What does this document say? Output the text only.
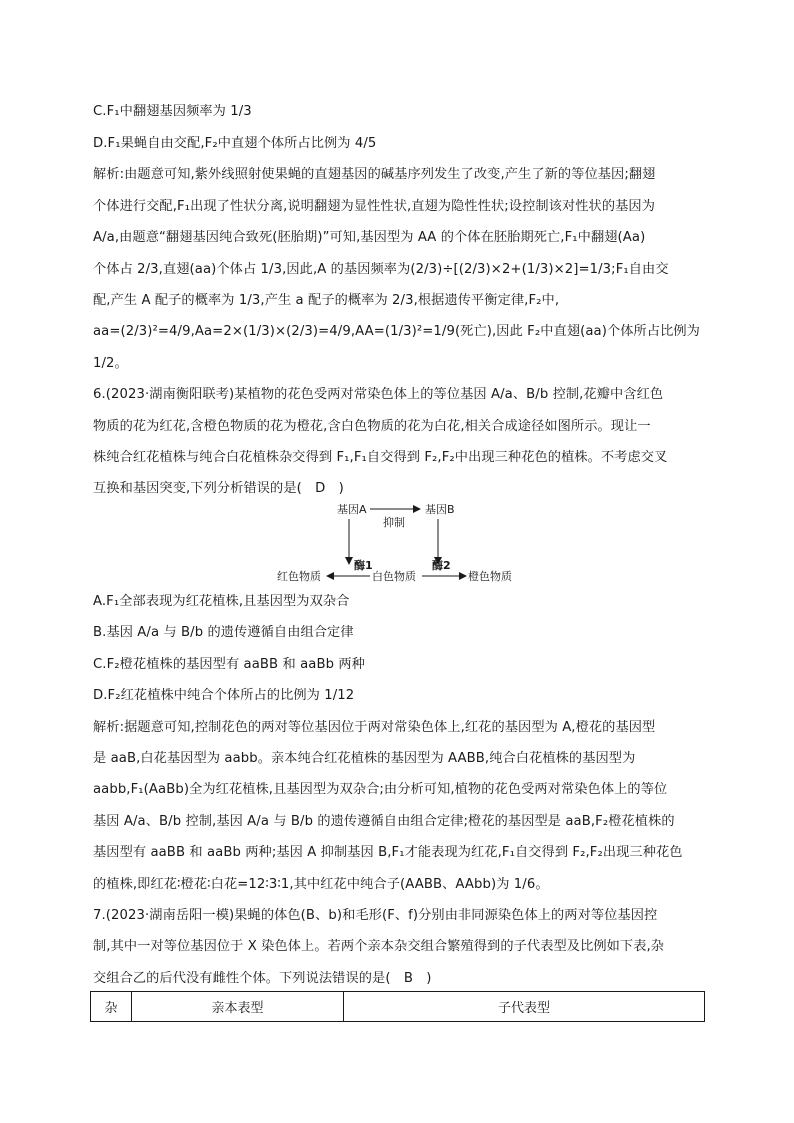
C.F₁中翻翅基因频率为 1/3
D.F₁果蝇自由交配,F₂中直翅个体所占比例为 4/5
解析:由题意可知,紫外线照射使果蝇的直翅基因的碱基序列发生了改变,产生了新的等位基因;翻翅
个体进行交配,F₁出现了性状分离,说明翻翅为显性性状,直翅为隐性性状;设控制该对性状的基因为
A/a,由题意“翻翅基因纯合致死(胚胎期)”可知,基因型为 AA 的个体在胚胎期死亡,F₁中翻翅(Aa)
个体占 2/3,直翅(aa)个体占 1/3,因此,A 的基因频率为(2/3)÷[(2/3)×2+(1/3)×2]=1/3;F₁自由交
配,产生 A 配子的概率为 1/3,产生 a 配子的概率为 2/3,根据遗传平衡定律,F₂中,
aa=(2/3)²=4/9,Aa=2×(1/3)×(2/3)=4/9,AA=(1/3)²=1/9(死亡),因此 F₂中直翅(aa)个体所占比例为
1/2。
6.(2023·湖南衡阳联考)某植物的花色受两对常染色体上的等位基因 A/a、B/b 控制,花瓣中含红色
物质的花为红花,含橙色物质的花为橙花,含白色物质的花为白花,相关合成途径如图所示。现让一
株纯合红花植株与纯合白花植株杂交得到 F₁,F₁自交得到 F₂,F₂中出现三种花色的植株。不考虑交叉
互换和基因突变,下列分析错误的是(　D　)
基因A	基因B
抑制
酶1	酶2
红色物质	白色物质	橙色物质
A.F₁全部表现为红花植株,且基因型为双杂合
B.基因 A/a 与 B/b 的遗传遵循自由组合定律
C.F₂橙花植株的基因型有 aaBB 和 aaBb 两种
D.F₂红花植株中纯合个体所占的比例为 1/12
解析:据题意可知,控制花色的两对等位基因位于两对常染色体上,红花的基因型为 A,橙花的基因型
是 aaB,白花基因型为 aabb。亲本纯合红花植株的基因型为 AABB,纯合白花植株的基因型为
aabb,F₁(AaBb)全为红花植株,且基因型为双杂合;由分析可知,植物的花色受两对常染色体上的等位
基因 A/a、B/b 控制,基因 A/a 与 B/b 的遗传遵循自由组合定律;橙花的基因型是 aaB,F₂橙花植株的
基因型有 aaBB 和 aaBb 两种;基因 A 抑制基因 B,F₁才能表现为红花,F₁自交得到 F₂,F₂出现三种花色
的植株,即红花∶橙花∶白花=12∶3∶1,其中红花中纯合子(AABB、AAbb)为 1/6。
7.(2023·湖南岳阳一模)果蝇的体色(B、b)和毛形(F、f)分别由非同源染色体上的两对等位基因控
制,其中一对等位基因位于 X 染色体上。若两个亲本杂交组合繁殖得到的子代表型及比例如下表,杂
交组合乙的后代没有雌性个体。下列说法错误的是(　B　)
杂	亲本表型	子代表型
